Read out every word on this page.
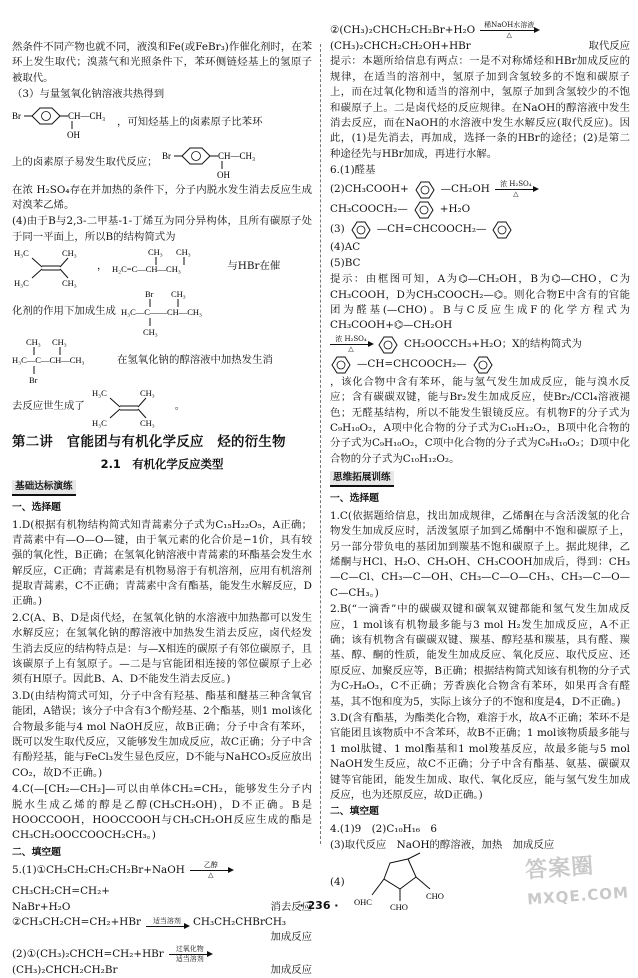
然条件不同产物也就不同，液溴和Fe(或FeBr₃)作催化剂时，在苯环上发生取代；溴蒸气和光照条件下，苯环侧链烃基上的氢原子被取代。

（3）与量氢氧化钠溶液共热得到
Br	CH—CH₃
OH
，可知烃基上的卤素原子比苯环
上的卤素原子易发生取代反应；
Br	CH—CH₃
OH

在浓 H₂SO₄存在并加热的条件下，分子内脱水发生消去反应生成对溴苯乙烯。

(4)由于B与2,3-二甲基-1-丁烯互为同分异构体，且所有碳原子处于同一平面上，所以B的结构简式为

H₃C	CH₃
H₃C	CH₃
，
CH₃ CH₃
H₂C=C—CH—CH₃	与HBr在催
化剂的作用下加成生成
Br CH₃
H₃C—C——CH—CH₃
CH₃
CH₃ CH₃
H₃C—C—CH—CH₃
Br
在氢氧化钠的醇溶液中加热发生消
去反应世生成了
H₃C	CH₃
H₃C	CH₃
。
第二讲　官能团与有机化学反应　烃的衍生物
2.1　有机化学反应类型
基础达标演练
一、选择题

1.D(根据有机物结构简式知青蒿素分子式为C₁₅H₂₂O₅，A正确；青蒿素中有—O—O—键，由于氧元素的化合价是−1价，具有较强的氧化性，B正确；在氢氧化钠溶液中青蒿素的环酯基会发生水解反应，C正确；青蒿素是有机物易溶于有机溶剂，应用有机溶剂提取青蒿素，C不正确；青蒿素中含有酯基，能发生水解反应，D正确。)

2.C(A、B、D是卤代烃，在氢氧化钠的水溶液中加热都可以发生水解反应；在氢氧化钠的醇溶液中加热发生消去反应，卤代烃发生消去反应的结构特点是：与—X相连的碳原子有邻位碳原子，且该碳原子上有氢原子。—二是与官能团相连接的邻位碳原子上必须有H原子。因此B、A、D不能发生消去反应。)

3.D(由结构简式可知，分子中含有羟基、酯基和醚基三种含氧官能团，A错误；该分子中含有3个酚羟基、2个酯基，则1 mol该化合物最多能与4 mol NaOH反应，故B正确；分子中含有苯环，既可以发生取代反应，又能够发生加成反应，故C正确；分子中含有酚羟基，能与FeCl₃发生显色反应，D不能与NaHCO₃反应放出CO₂，故D不正确。)

4.C(—[CH₂—CH₂]—可以由单体CH₂=CH₂，能够发生分子内脱水生成乙烯的醇是乙醇(CH₃CH₂OH)，D不正确。B是HOOCCOOH，HOOCCOOH与CH₃CH₂OH反应生成的酯是CH₃CH₂OOCCOOCH₂CH₃。)

二、填空题
5.(1)①CH₃CH₂CH₂CH₂Br+NaOH	乙醇
△
CH₃CH₂CH=CH₂+
NaBr+H₂O	消去反应
②CH₃CH₂CH=CH₂+HBr 适当溶剂 CH₃CH₂CHBrCH₃
加成反应
(2)①(CH₃)₂CHCH=CH₂+HBr 过氧化物
适当溶剂
(CH₃)₂CHCH₂CH₂Br	加成反应
②(CH₃)₂CHCH₂CH₂Br+H₂O 稀NaOH水溶液
△
(CH₃)₂CHCH₂CH₂OH+HBr	取代反应

提示：本题所给信息有两点：一是不对称烯烃和HBr加成反应的规律，在适当的溶剂中，氢原子加到含氢较多的不饱和碳原子上，而在过氧化物和适当的溶剂中，氢原子加到含氢较少的不饱和碳原子上。二是卤代烃的反应规律。在NaOH的醇溶液中发生消去反应，而在NaOH的水溶液中发生水解反应(取代反应)。因此，(1)是先消去，再加成，选择一条的HBr的途径；(2)是第二种途径先与HBr加成，再进行水解。

6.(1)醛基

(2)CH₃COOH+	—CH₂OH 浓 H₂SO₄
△
CH₃COOCH₂—	+H₂O
(3)	—CH=CHCOOCH₂—

(4)AC

(5)BC

提示：由框图可知，A为⌬—CH₂OH，B为⌬—CHO，C为CH₃COOH，D为CH₃COOCH₂—⌬。则化合物E中含有的官能团为醛基(—CHO)。B与C反应生成F的化学方程式为CH₃COOH+⌬—CH₂OH

浓 H₂SO₄
△	CH₂OOCCH₃+H₂O；X的结构简式为
—CH=CHCOOCH₂—

，该化合物中含有苯环，能与氢气发生加成反应，能与溴水反应；含有碳碳双键，能与Br₂发生加成反应，使Br₂/CCl₄溶液褪色；无醛基结构，所以不能发生银镜反应。有机物F的分子式为C₉H₁₀O₂，A项中化合物的分子式为C₁₀H₁₂O₂，B项中化合物的分子式为C₉H₁₀O₂，C项中化合物的分子式为C₉H₁₀O₂；D项中化合物的分子式为C₁₀H₁₂O₂。

思维拓展训练
一、选择题

1.C(依据题给信息，找出加成规律，乙烯酮在与含活泼氢的化合物发生加成反应时，活泼氢原子加到乙烯酮中不饱和碳原子上，另一部分带负电的基团加到羰基不饱和碳原子上。据此规律，乙烯酮与HCl、H₂O、CH₃OH、CH₃COOH加成后，得到：CH₃—C—Cl、CH₃—C—OH、CH₃—C—O—CH₃、CH₃—C—O—C—CH₃。)

2.B(“一滴香”中的碳碳双键和碳氧双键都能和氢气发生加成反应，1 mol该有机物最多能与3 mol H₂发生加成反应，A不正确；该有机物含有碳碳双键、羰基、醇羟基和羰基，具有醛、羰基、醇、酮的性质，能发生加成反应、氧化反应、取代反应、还原反应、加聚反应等，B正确；根据结构简式知该有机物的分子式为C₇H₈O₃，C不正确；芳香族化合物含有苯环，如果再含有醛基，其不饱和度为5，实际上该分子的不饱和度是4，D不正确。)

3.D(含有酯基，为酯类化合物，难溶于水，故A不正确；苯环不是官能团且该物质中不含苯环，故B不正确；1 mol该物质最多能与1 mol肽键、1 mol酯基和1 mol羧基反应，故最多能与5 mol NaOH发生反应，故C不正确；分子中含有酯基、氨基、碳碳双键等官能团，能发生加成、取代、氧化反应，能与氢气发生加成反应，也为还原反应，故D正确。)

二、填空题

4.(1)9　(2)C₁₀H₁₆　6

(3)取代反应　NaOH的醇溶液，加热　加成反应

(4)
OHC CHO
CHO
· 236 ·
答案圈
MXQE.COM
